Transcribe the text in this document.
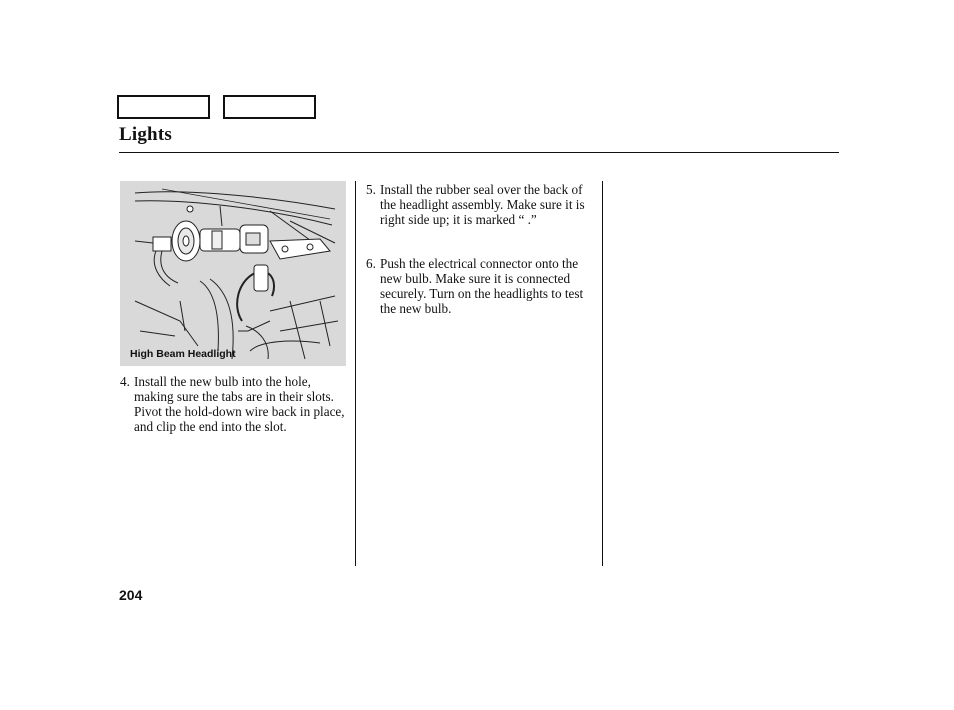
Lights
High Beam Headlight
4. Install the new bulb into the hole, making sure the tabs are in their slots. Pivot the hold-down wire back in place, and clip the end into the slot.
5. Install the rubber seal over the back of the headlight assembly. Make sure it is right side up; it is marked “ .”
6. Push the electrical connector onto the new bulb. Make sure it is connected securely. Turn on the headlights to test the new bulb.
204
